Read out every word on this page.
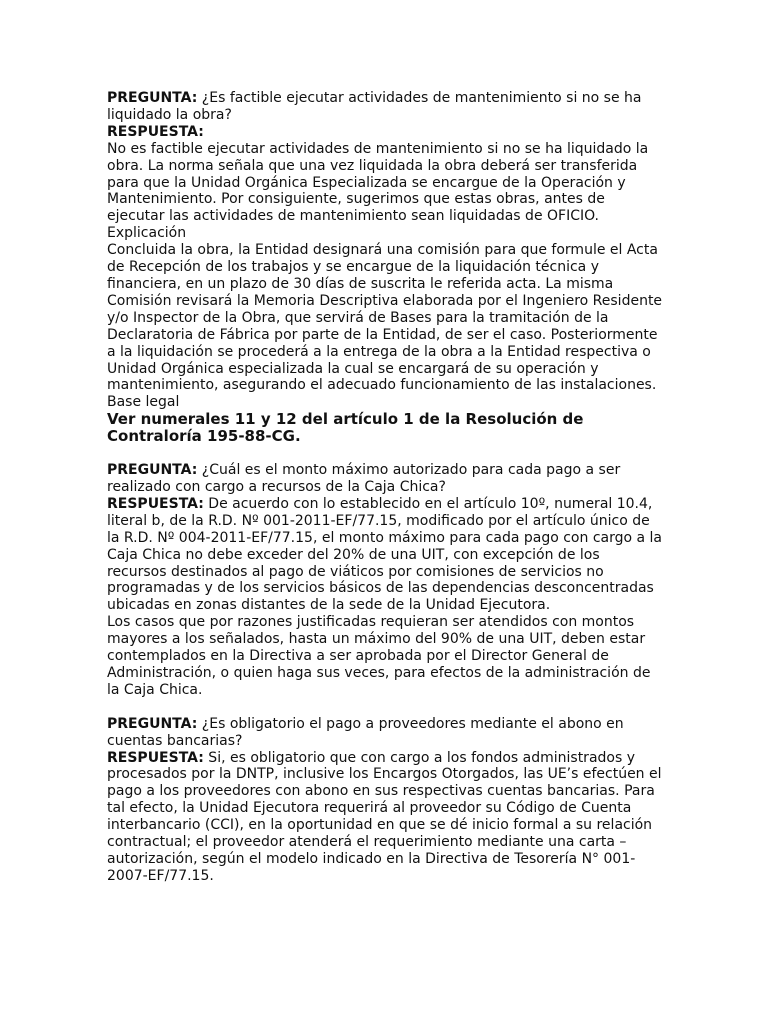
PREGUNTA: ¿Es factible ejecutar actividades de mantenimiento si no se ha liquidado la obra?

RESPUESTA:

No es factible ejecutar actividades de mantenimiento si no se ha liquidado la obra. La norma señala que una vez liquidada la obra deberá ser transferida para que la Unidad Orgánica Especializada se encargue de la Operación y Mantenimiento. Por consiguiente, sugerimos que estas obras, antes de ejecutar las actividades de mantenimiento sean liquidadas de OFICIO.

Explicación

Concluida la obra, la Entidad designará una comisión para que formule el Acta de Recepción de los trabajos y se encargue de la liquidación técnica y financiera, en un plazo de 30 días de suscrita le referida acta. La misma Comisión revisará la Memoria Descriptiva elaborada por el Ingeniero Residente y/o Inspector de la Obra, que servirá de Bases para la tramitación de la Declaratoria de Fábrica por parte de la Entidad, de ser el caso. Posteriormente a la liquidación se procederá a la entrega de la obra a la Entidad respectiva o Unidad Orgánica especializada la cual se encargará de su operación y mantenimiento, asegurando el adecuado funcionamiento de las instalaciones.

Base legal

Ver numerales 11 y 12 del artículo 1 de la Resolución de Contraloría 195-88-CG.

PREGUNTA: ¿Cuál es el monto máximo autorizado para cada pago a ser realizado con cargo a recursos de la Caja Chica?

RESPUESTA: De acuerdo con lo establecido en el artículo 10º, numeral 10.4, literal b, de la R.D. Nº 001-2011-EF/77.15, modificado por el artículo único de la R.D. Nº 004-2011-EF/77.15, el monto máximo para cada pago con cargo a la Caja Chica no debe exceder del 20% de una UIT, con excepción de los recursos destinados al pago de viáticos por comisiones de servicios no programadas y de los servicios básicos de las dependencias desconcentradas ubicadas en zonas distantes de la sede de la Unidad Ejecutora.

Los casos que por razones justificadas requieran ser atendidos con montos mayores a los señalados, hasta un máximo del 90% de una UIT, deben estar contemplados en la Directiva a ser aprobada por el Director General de Administración, o quien haga sus veces, para efectos de la administración de la Caja Chica.

PREGUNTA: ¿Es obligatorio el pago a proveedores mediante el abono en cuentas bancarias?

RESPUESTA: Si, es obligatorio que con cargo a los fondos administrados y procesados por la DNTP, inclusive los Encargos Otorgados, las UE’s efectúen el pago a los proveedores con abono en sus respectivas cuentas bancarias. Para tal efecto, la Unidad Ejecutora requerirá al proveedor su Código de Cuenta interbancario (CCI), en la oportunidad en que se dé inicio formal a su relación contractual; el proveedor atenderá el requerimiento mediante una carta – autorización, según el modelo indicado en la Directiva de Tesorería N° 001-2007-EF/77.15.
